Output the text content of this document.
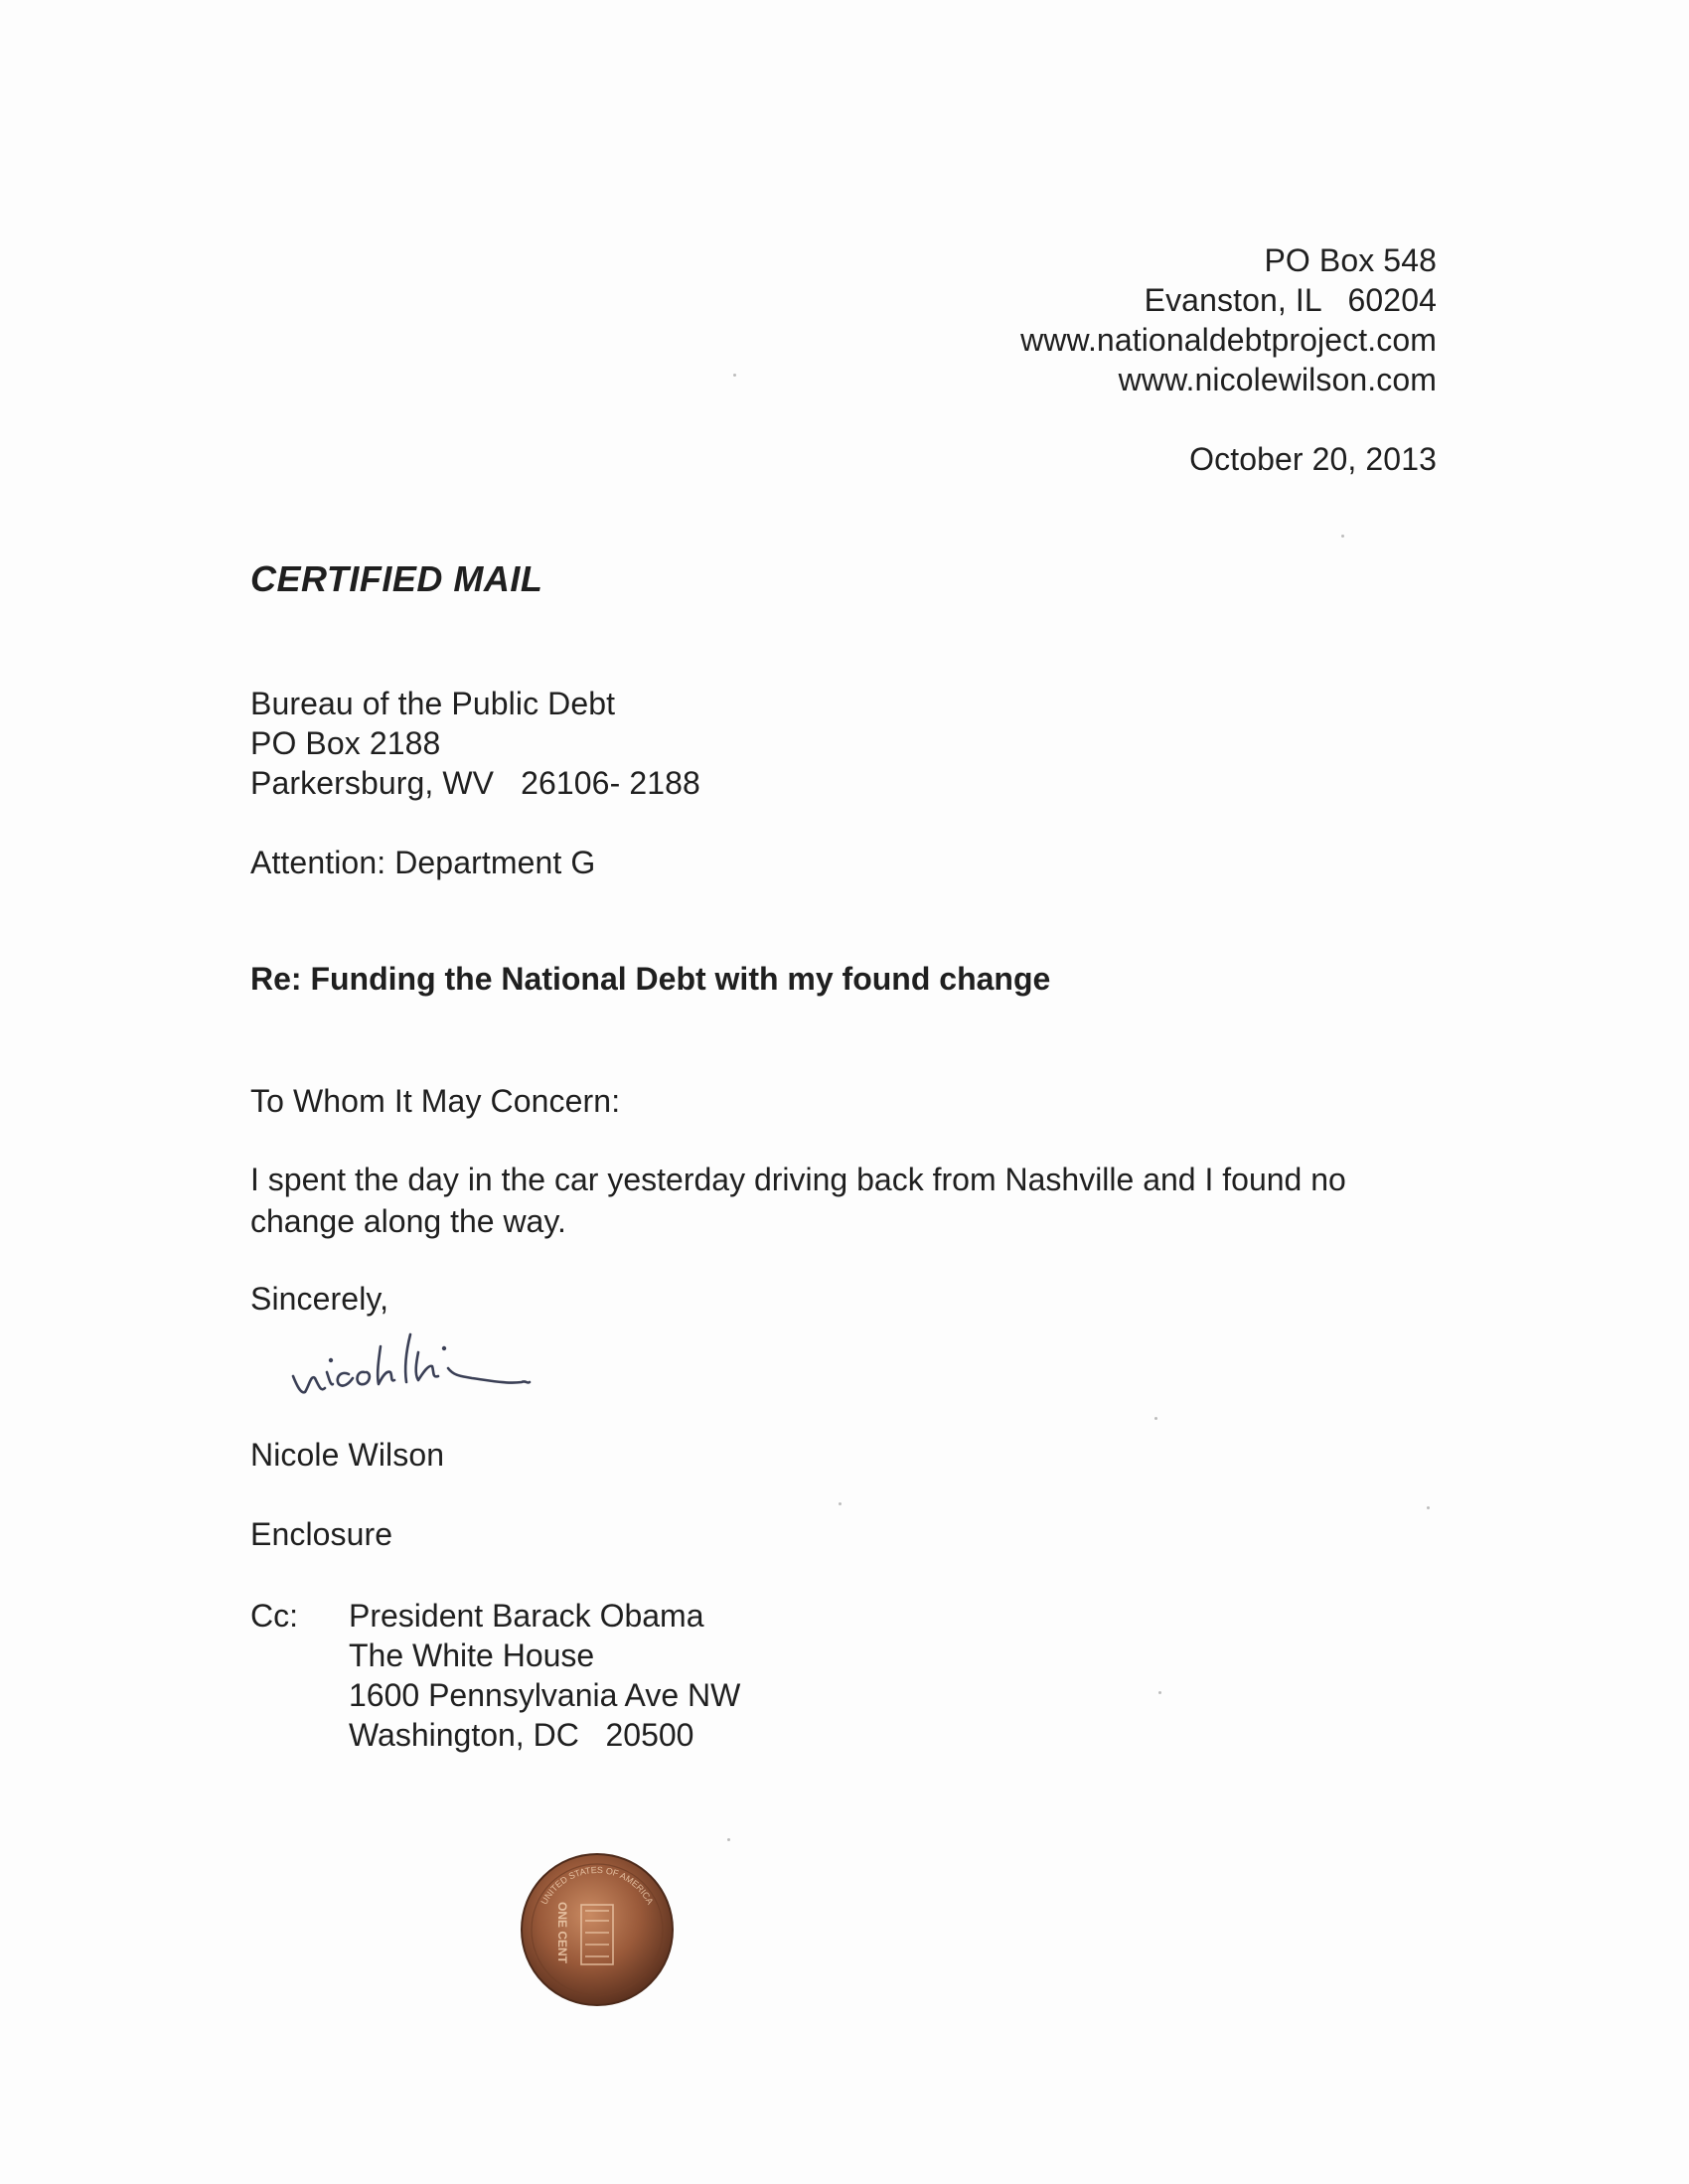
PO Box 548
Evanston, IL   60204
www.nationaldebtproject.com
www.nicolewilson.com
October 20, 2013
CERTIFIED MAIL
Bureau of the Public Debt
PO Box 2188
Parkersburg, WV   26106- 2188
Attention: Department G
Re: Funding the National Debt with my found change
To Whom It May Concern:
I spent the day in the car yesterday driving back from Nashville and I found no change along the way.
Sincerely,
Nicole Wilson
Enclosure
Cc: President Barack Obama
The White House
1600 Pennsylvania Ave NW
Washington, DC   20500
UNITED STATES OF AMERICA
ONE CENT
